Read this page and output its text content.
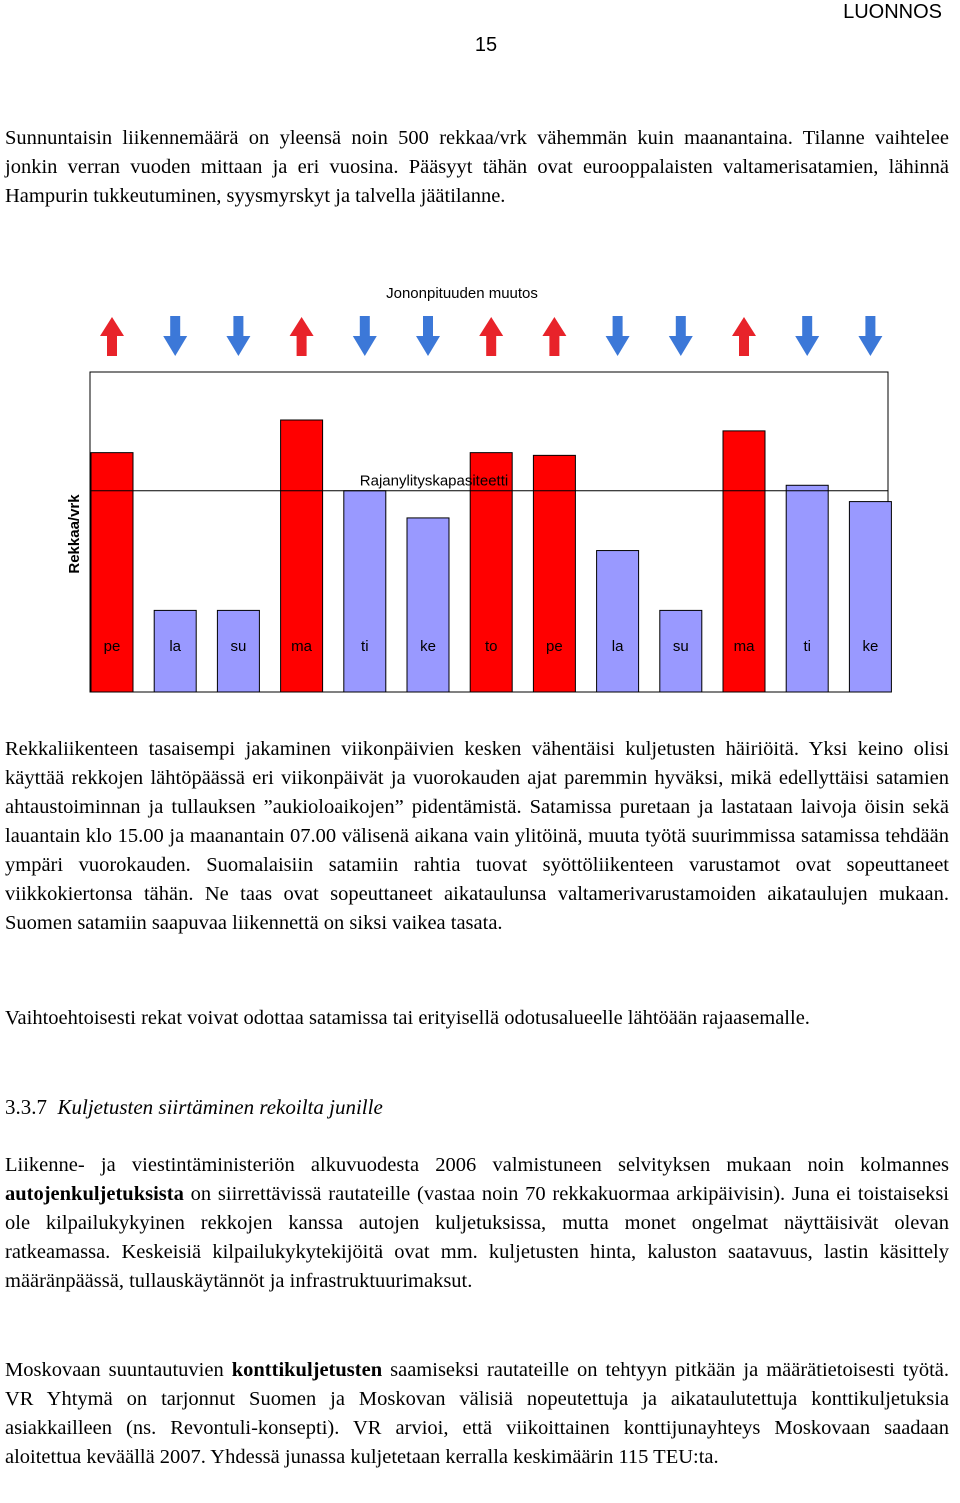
LUONNOS
15

Sunnuntaisin liikennemäärä on yleensä noin 500 rekkaa/vrk vähemmän kuin maanantaina. Tilanne vaihtelee jonkin verran vuoden mittaan ja eri vuosina. Pääsyyt tähän ovat eurooppalaisten valtamerisatamien, lähinnä Hampurin tukkeutuminen, syysmyrskyt ja talvella jäätilanne.

Jononpituuden muutos
Rekkaa/vrk
Rajanylityskapasiteetti
pe	la	su	ma	ti	ke	to	pe	la	su	ma	ti	ke

Rekkaliikenteen tasaisempi jakaminen viikonpäivien kesken vähentäisi kuljetusten häiriöitä. Yksi keino olisi käyttää rekkojen lähtöpäässä eri viikonpäivät ja vuorokauden ajat paremmin hyväksi, mikä edellyttäisi satamien ahtaustoiminnan ja tullauksen ”aukioloaikojen” pidentämistä. Satamissa puretaan ja lastataan laivoja öisin sekä lauantain klo 15.00 ja maanantain 07.00 välisenä aikana vain ylitöinä, muuta työtä suurimmissa satamissa tehdään ympäri vuorokauden. Suomalaisiin satamiin rahtia tuovat syöttöliikenteen varustamot ovat sopeuttaneet viikkokiertonsa tähän. Ne taas ovat sopeuttaneet aikataulunsa valtamerivarustamoiden aikataulujen mukaan. Suomen satamiin saapuvaa liikennettä on siksi vaikea tasata.

Vaihtoehtoisesti rekat voivat odottaa satamissa tai erityisellä odotusalueelle lähtöään rajaasemalle.

3.3.7 Kuljetusten siirtäminen rekoilta junille

Liikenne- ja viestintäministeriön alkuvuodesta 2006 valmistuneen selvityksen mukaan noin kolmannes autojenkuljetuksista on siirrettävissä rautateille (vastaa noin 70 rekkakuormaa arkipäivisin). Juna ei toistaiseksi ole kilpailukykyinen rekkojen kanssa autojen kuljetuksissa, mutta monet ongelmat näyttäisivät olevan ratkeamassa. Keskeisiä kilpailukykytekijöitä ovat mm. kuljetusten hinta, kaluston saatavuus, lastin käsittely määränpäässä, tullauskäytännöt ja infrastruktuurimaksut.

Moskovaan suuntautuvien konttikuljetusten saamiseksi rautateille on tehtyyn pitkään ja määrätietoisesti työtä. VR Yhtymä on tarjonnut Suomen ja Moskovan välisiä nopeutettuja ja aikataulutettuja konttikuljetuksia asiakkailleen (ns. Revontuli-konsepti). VR arvioi, että viikoittainen konttijunayhteys Moskovaan saadaan aloitettua keväällä 2007. Yhdessä junassa kuljetetaan kerralla keskimäärin 115 TEU:ta.
